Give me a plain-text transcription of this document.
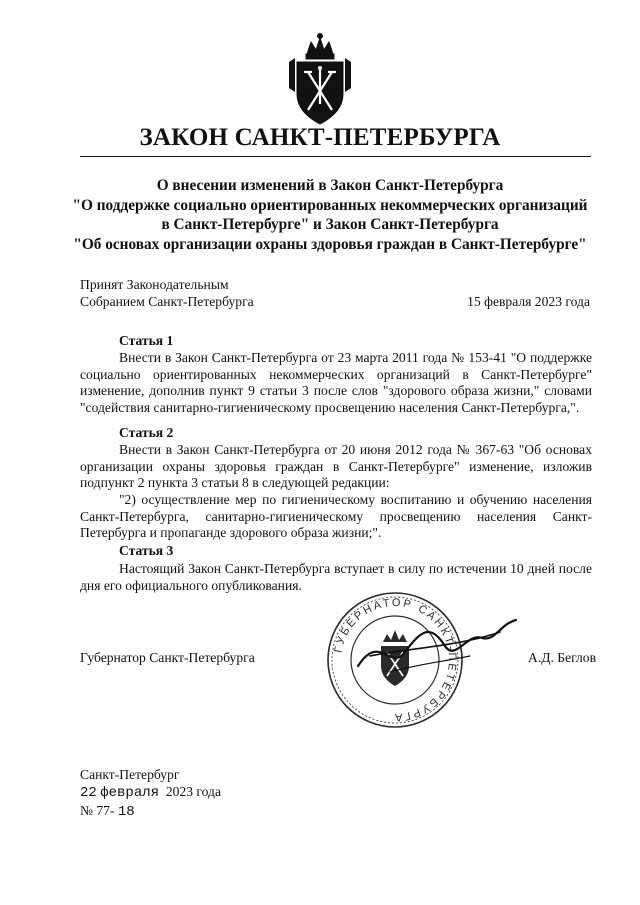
ЗАКОН САНКТ-ПЕТЕРБУРГА
О внесении изменений в Закон Санкт-Петербурга
"О поддержке социально ориентированных некоммерческих организаций
в Санкт-Петербурге" и Закон Санкт-Петербурга
"Об основах организации охраны здоровья граждан в Санкт-Петербурге"
Принят Законодательным
Собранием Санкт-Петербурга	15 февраля 2023 года
Статья 1
Внести в Закон Санкт-Петербурга от 23 марта 2011 года № 153-41 "О поддержке социально ориентированных некоммерческих организаций в Санкт-Петербурге" изменение, дополнив пункт 9 статьи 3 после слов "здорового образа жизни," словами "содействия санитарно-гигиеническому просвещению населения Санкт-Петербурга,".
Статья 2
Внести в Закон Санкт-Петербурга от 20 июня 2012 года № 367-63 "Об основах организации охраны здоровья граждан в Санкт-Петербурге" изменение, изложив подпункт 2 пункта 3 статьи 8 в следующей редакции:
"2) осуществление мер по гигиеническому воспитанию и обучению населения Санкт-Петербурга, санитарно-гигиеническому просвещению населения Санкт-Петербурга и пропаганде здорового образа жизни;".
Статья 3
Настоящий Закон Санкт-Петербурга вступает в силу по истечении 10 дней после дня его официального опубликования.
Губернатор Санкт-Петербурга
ГУБЕРНАТОР САНКТ-ПЕТЕРБУРГА
А.Д. Беглов
Санкт-Петербург
22 февраля 2023 года
№ 77- 18
